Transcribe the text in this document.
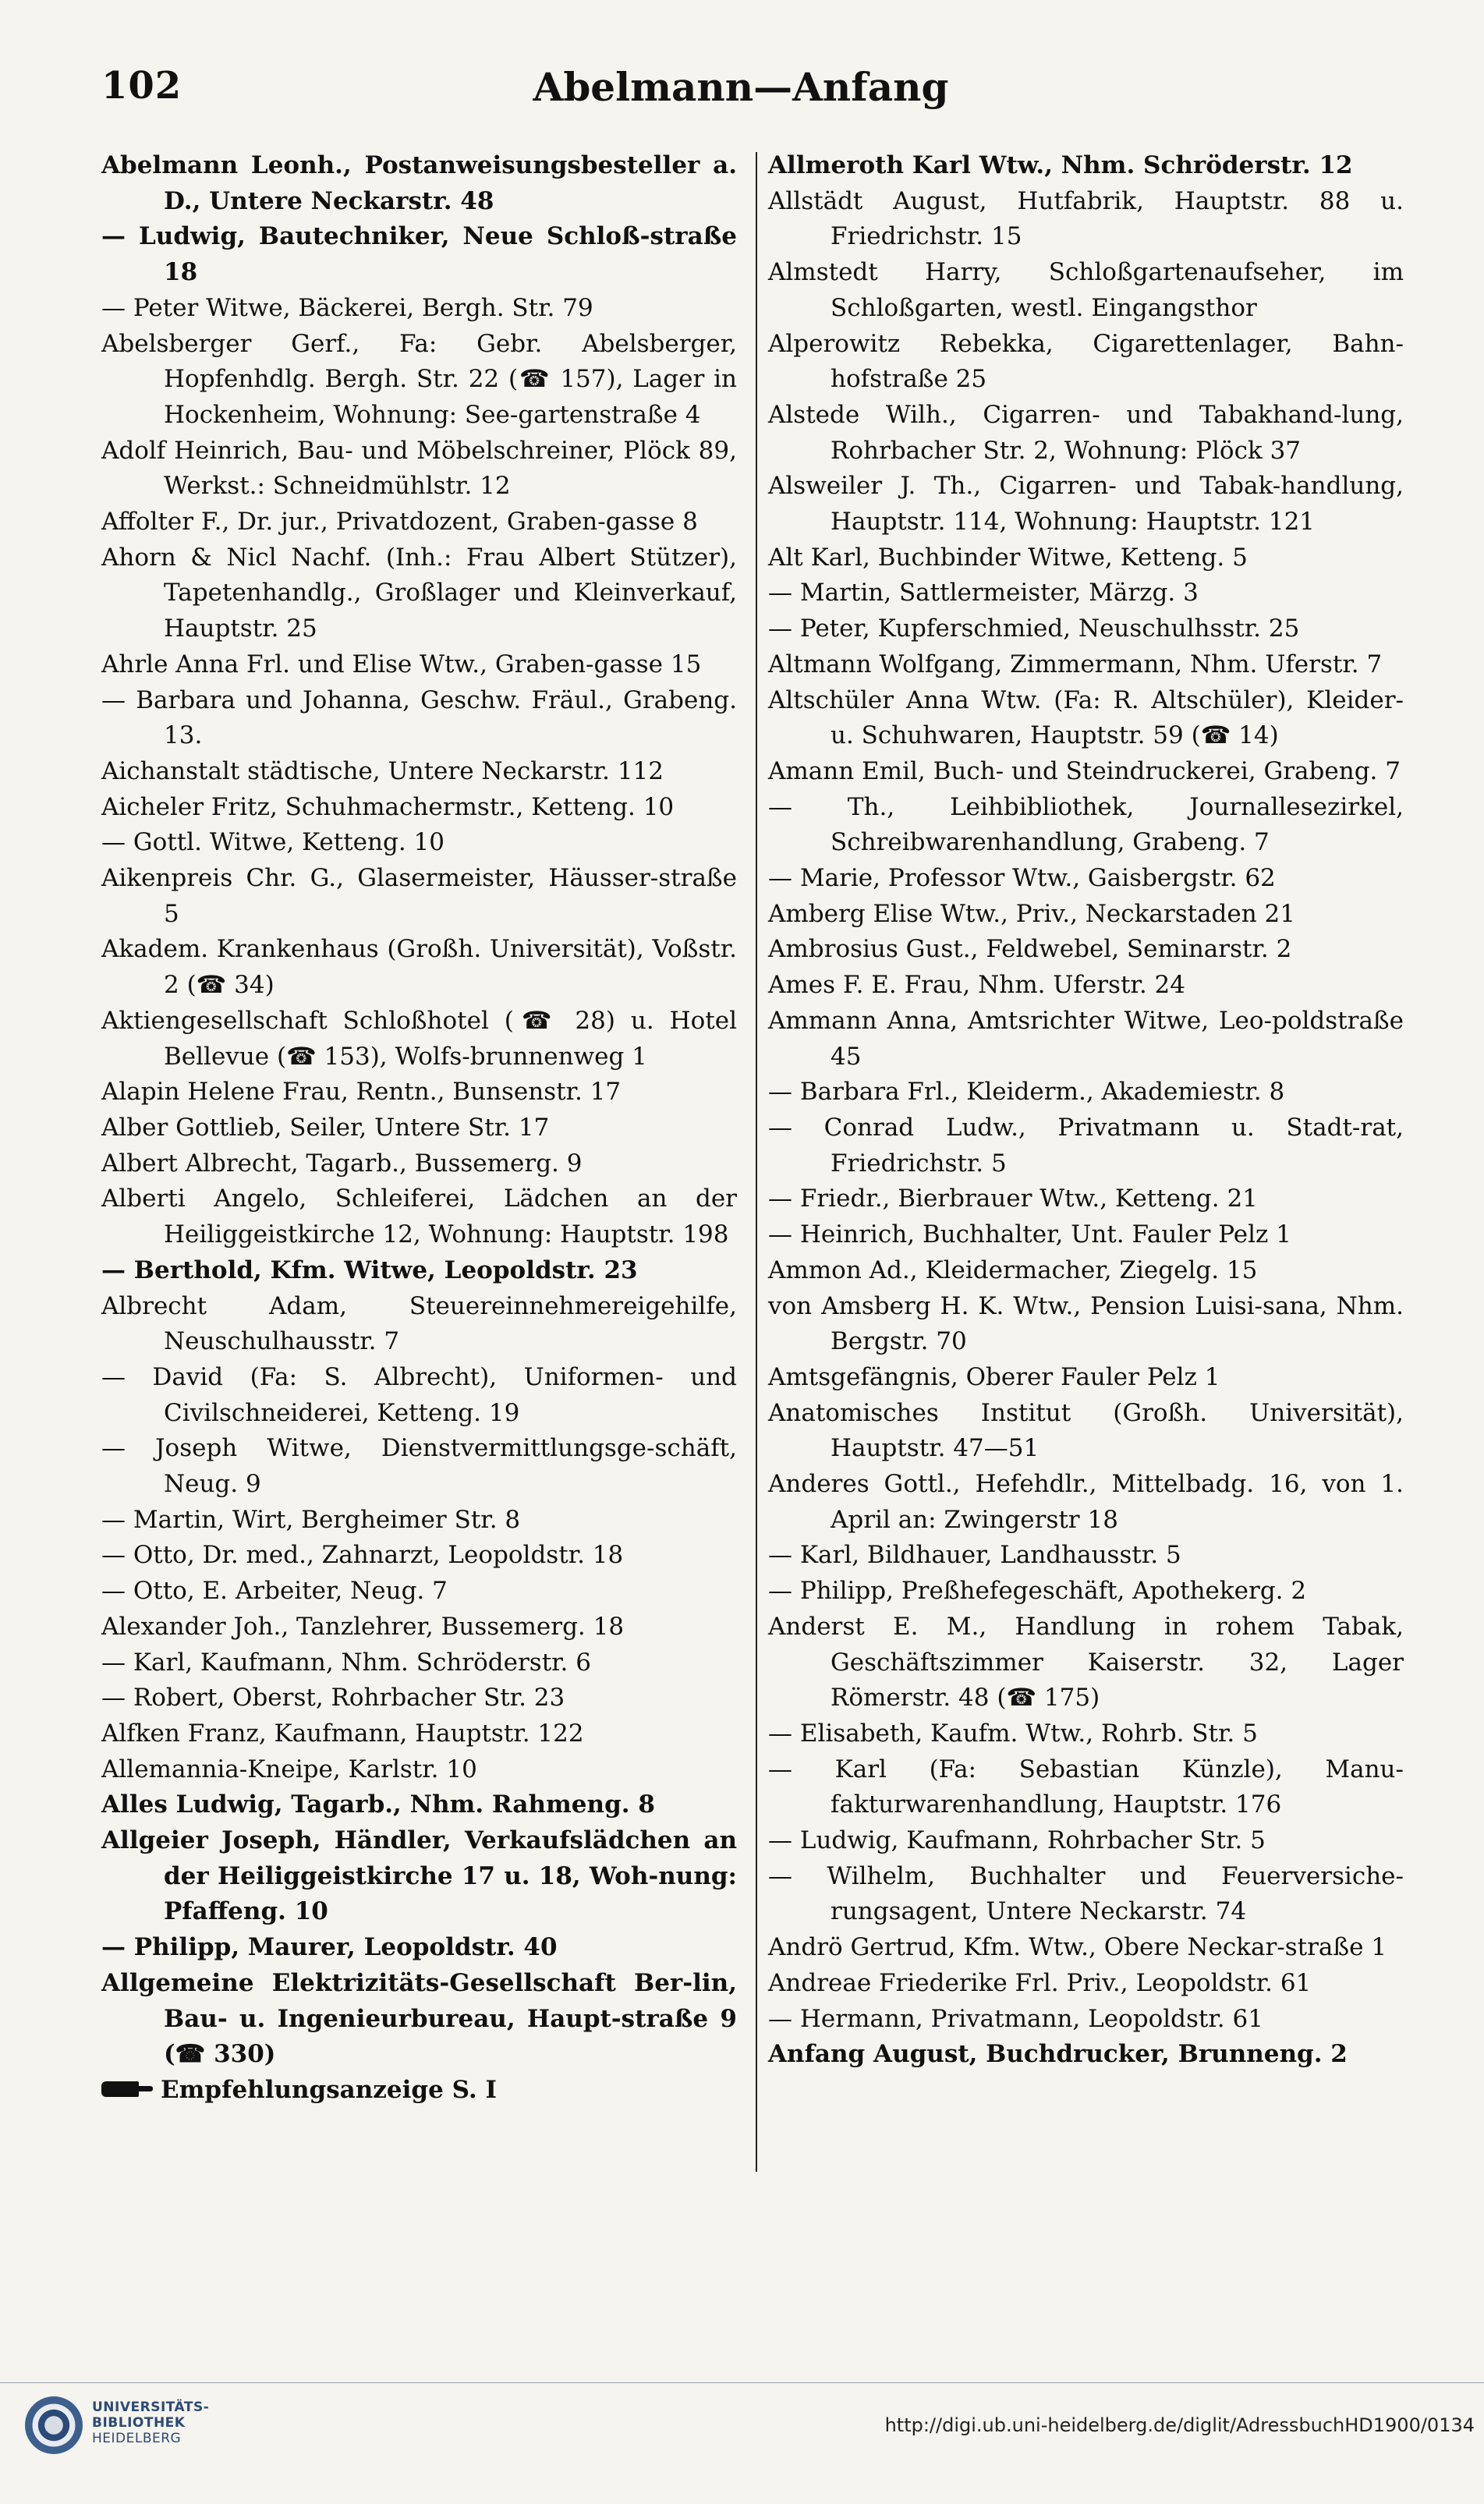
102	Abelmann—Anfang

Abelmann Leonh., Postanweisungsbesteller a. D., Untere Neckarstr. 48

— Ludwig, Bautechniker, Neue Schloß-straße 18

— Peter Witwe, Bäckerei, Bergh. Str. 79

Abelsberger Gerf., Fa: Gebr. Abelsberger, Hopfenhdlg. Bergh. Str. 22 (☎ 157), Lager in Hockenheim, Wohnung: See-gartenstraße 4

Adolf Heinrich, Bau- und Möbelschreiner, Plöck 89, Werkst.: Schneidmühlstr. 12

Affolter F., Dr. jur., Privatdozent, Graben-gasse 8

Ahorn & Nicl Nachf. (Inh.: Frau Albert Stützer), Tapetenhandlg., Großlager und Kleinverkauf, Hauptstr. 25

Ahrle Anna Frl. und Elise Wtw., Graben-gasse 15

— Barbara und Johanna, Geschw. Fräul., Grabeng. 13.

Aichanstalt städtische, Untere Neckarstr. 112

Aicheler Fritz, Schuhmachermstr., Ketteng. 10

— Gottl. Witwe, Ketteng. 10

Aikenpreis Chr. G., Glasermeister, Häusser-straße 5

Akadem. Krankenhaus (Großh. Universität), Voßstr. 2 (☎ 34)

Aktiengesellschaft Schloßhotel (☎ 28) u. Hotel Bellevue (☎ 153), Wolfs-brunnenweg 1

Alapin Helene Frau, Rentn., Bunsenstr. 17

Alber Gottlieb, Seiler, Untere Str. 17

Albert Albrecht, Tagarb., Bussemerg. 9

Alberti Angelo, Schleiferei, Lädchen an der Heiliggeistkirche 12, Wohnung: Hauptstr. 198

— Berthold, Kfm. Witwe, Leopoldstr. 23

Albrecht Adam, Steuereinnehmereigehilfe, Neuschulhausstr. 7

— David (Fa: S. Albrecht), Uniformen- und Civilschneiderei, Ketteng. 19

— Joseph Witwe, Dienstvermittlungsge-schäft, Neug. 9

— Martin, Wirt, Bergheimer Str. 8

— Otto, Dr. med., Zahnarzt, Leopoldstr. 18

— Otto, E. Arbeiter, Neug. 7

Alexander Joh., Tanzlehrer, Bussemerg. 18

— Karl, Kaufmann, Nhm. Schröderstr. 6

— Robert, Oberst, Rohrbacher Str. 23

Alfken Franz, Kaufmann, Hauptstr. 122

Allemannia-Kneipe, Karlstr. 10

Alles Ludwig, Tagarb., Nhm. Rahmeng. 8

Allgeier Joseph, Händler, Verkaufslädchen an der Heiliggeistkirche 17 u. 18, Woh-nung: Pfaffeng. 10

— Philipp, Maurer, Leopoldstr. 40

Allgemeine Elektrizitäts-Gesellschaft Ber-lin, Bau- u. Ingenieurbureau, Haupt-straße 9 (☎ 330)

Empfehlungsanzeige S. I

Allmeroth Karl Wtw., Nhm. Schröderstr. 12

Allstädt August, Hutfabrik, Hauptstr. 88 u. Friedrichstr. 15

Almstedt Harry, Schloßgartenaufseher, im Schloßgarten, westl. Eingangsthor

Alperowitz Rebekka, Cigarettenlager, Bahn-hofstraße 25

Alstede Wilh., Cigarren- und Tabakhand-lung, Rohrbacher Str. 2, Wohnung: Plöck 37

Alsweiler J. Th., Cigarren- und Tabak-handlung, Hauptstr. 114, Wohnung: Hauptstr. 121

Alt Karl, Buchbinder Witwe, Ketteng. 5

— Martin, Sattlermeister, Märzg. 3

— Peter, Kupferschmied, Neuschulhsstr. 25

Altmann Wolfgang, Zimmermann, Nhm. Uferstr. 7

Altschüler Anna Wtw. (Fa: R. Altschüler), Kleider- u. Schuhwaren, Hauptstr. 59 (☎ 14)

Amann Emil, Buch- und Steindruckerei, Grabeng. 7

— Th., Leihbibliothek, Journallesezirkel, Schreibwarenhandlung, Grabeng. 7

— Marie, Professor Wtw., Gaisbergstr. 62

Amberg Elise Wtw., Priv., Neckarstaden 21

Ambrosius Gust., Feldwebel, Seminarstr. 2

Ames F. E. Frau, Nhm. Uferstr. 24

Ammann Anna, Amtsrichter Witwe, Leo-poldstraße 45

— Barbara Frl., Kleiderm., Akademiestr. 8

— Conrad Ludw., Privatmann u. Stadt-rat, Friedrichstr. 5

— Friedr., Bierbrauer Wtw., Ketteng. 21

— Heinrich, Buchhalter, Unt. Fauler Pelz 1

Ammon Ad., Kleidermacher, Ziegelg. 15

von Amsberg H. K. Wtw., Pension Luisi-sana, Nhm. Bergstr. 70

Amtsgefängnis, Oberer Fauler Pelz 1

Anatomisches Institut (Großh. Universität), Hauptstr. 47—51

Anderes Gottl., Hefehdlr., Mittelbadg. 16, von 1. April an: Zwingerstr 18

— Karl, Bildhauer, Landhausstr. 5

— Philipp, Preßhefegeschäft, Apothekerg. 2

Anderst E. M., Handlung in rohem Tabak, Geschäftszimmer Kaiserstr. 32, Lager Römerstr. 48 (☎ 175)

— Elisabeth, Kaufm. Wtw., Rohrb. Str. 5

— Karl (Fa: Sebastian Künzle), Manu-fakturwarenhandlung, Hauptstr. 176

— Ludwig, Kaufmann, Rohrbacher Str. 5

— Wilhelm, Buchhalter und Feuerversiche-rungsagent, Untere Neckarstr. 74

Andrö Gertrud, Kfm. Wtw., Obere Neckar-straße 1

Andreae Friederike Frl. Priv., Leopoldstr. 61

— Hermann, Privatmann, Leopoldstr. 61

Anfang August, Buchdrucker, Brunneng. 2

UNIVERSITÄTS-
BIBLIOTHEK
HEIDELBERG
http://digi.ub.uni-heidelberg.de/diglit/AdressbuchHD1900/0134
